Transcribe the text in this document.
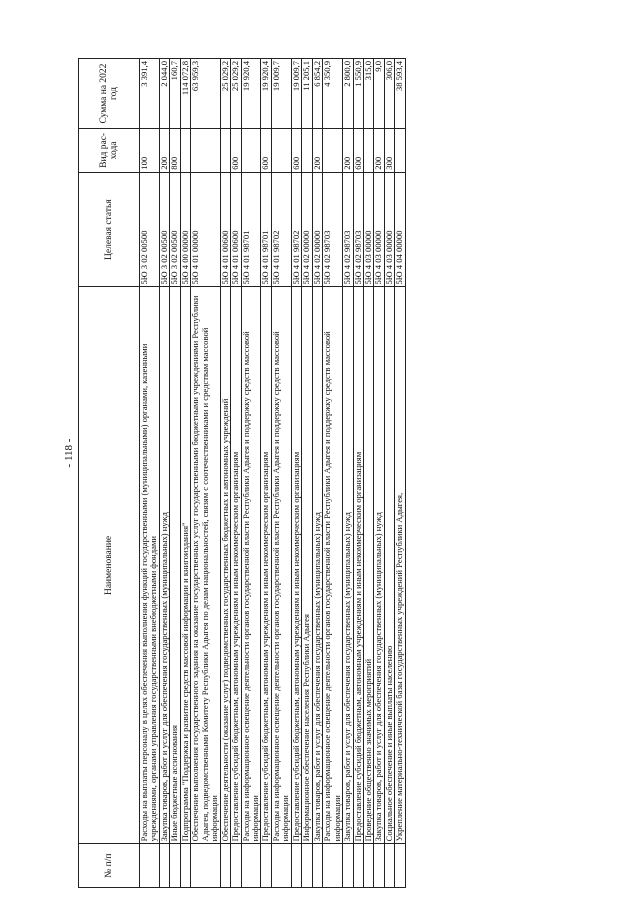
- 118 -
№ п/п	Наименование	Целевая статья	Вид рас- хода	Сумма на 2022 год
	Расходы на выплаты персоналу в целях обеспечения выполнения функций государственными (муниципальными) органами, казенными учреждениями, органами управления государственными внебюджетными фондами	5Ю 3 02 00500	100	3 391,4
	Закупка товаров, работ и услуг для обеспечения государственных (муниципальных) нужд	5Ю 3 02 00500	200	2 044,0
	Иные бюджетные ассигнования	5Ю 3 02 00500	800	160,7
	Подпрограмма "Поддержка и развитие средств массовой информации и книгоиздания"	5Ю 4 00 00000		114 072,8
	Обеспечение выполнения государственного задания на оказание государственных услуг государственными бюджетными учреждениями Республики Адыгея, подведомственными Комитету Республики Адыгея по делам национальностей, связям с соотечественниками и средствам массовой информации	5Ю 4 01 00000		63 959,3
	Обеспечение деятельности (оказание услуг) подведомственных государственных бюджетных и автономных учреждений	5Ю 4 01 00600		25 029,2
	Предоставление субсидий бюджетным, автономным учреждениям и иным некоммерческим организациям	5Ю 4 01 00600	600	25 029,2
	Расходы на информационное освещение деятельности органов государственной власти Республики Адыгея и поддержку средств массовой информации	5Ю 4 01 98701		19 920,4
	Предоставление субсидий бюджетным, автономным учреждениям и иным некоммерческим организациям	5Ю 4 01 98701	600	19 920,4
	Расходы на информационное освещение деятельности органов государственной власти Республики Адыгея и поддержку средств массовой информации	5Ю 4 01 98702		19 009,7
	Предоставление субсидий бюджетным, автономным учреждениям и иным некоммерческим организациям	5Ю 4 01 98702	600	19 009,7
	Информационное обеспечение населения Республики Адыгея	5Ю 4 02 00000		11 205,1
	Закупка товаров, работ и услуг для обеспечения государственных (муниципальных) нужд	5Ю 4 02 00000	200	6 854,2
	Расходы на информационное освещение деятельности органов государственной власти Республики Адыгея и поддержку средств массовой информации	5Ю 4 02 98703		4 350,9
	Закупка товаров, работ и услуг для обеспечения государственных (муниципальных) нужд	5Ю 4 02 98703	200	2 800,0
	Предоставление субсидий бюджетным, автономным учреждениям и иным некоммерческим организациям	5Ю 4 02 98703	600	1 550,9
	Проведение общественно значимых мероприятий	5Ю 4 03 00000		315,0
	Закупка товаров, работ и услуг для обеспечения государственных (муниципальных) нужд	5Ю 4 03 00000	200	9,0
	Социальное обеспечение и иные выплаты населению	5Ю 4 03 00000	300	306,0
	Укрепление материально-технической базы государственных учреждений Республики Адыгея,	5Ю 4 04 00000		38 593,4
